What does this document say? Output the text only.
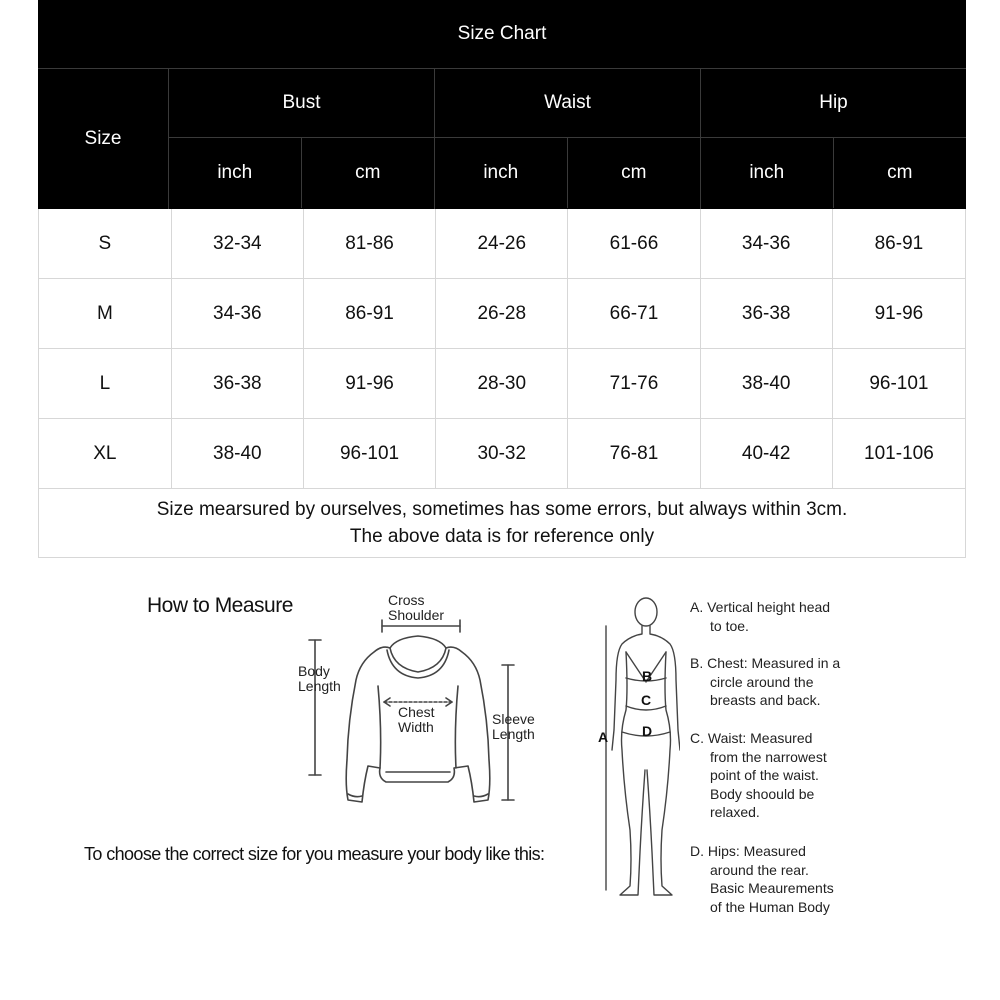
Size Chart
Size
Bust
inch	cm
Waist
inch	cm
Hip
inch	cm
S	32-34	81-86	24-26	61-66	34-36	86-91
M	34-36	86-91	26-28	66-71	36-38	91-96
L	36-38	91-96	28-30	71-76	38-40	96-101
XL	38-40	96-101	30-32	76-81	40-42	101-106
Size mearsured by ourselves, sometimes has some errors, but always within 3cm.
The above data is for reference only
How to Measure	Cross
Shoulder
Body
Length
Chest
Width	Sleeve
Length
To choose the correct size for you measure your body like this:
B
C
A D
A. Vertical height head
to toe.
B. Chest: Measured in a
circle around the
breasts and back.
C. Waist: Measured
from the narrowest
point of the waist.
Body shoould be
relaxed.
D. Hips: Measured
around the rear.
Basic Meaurements
of the Human Body
